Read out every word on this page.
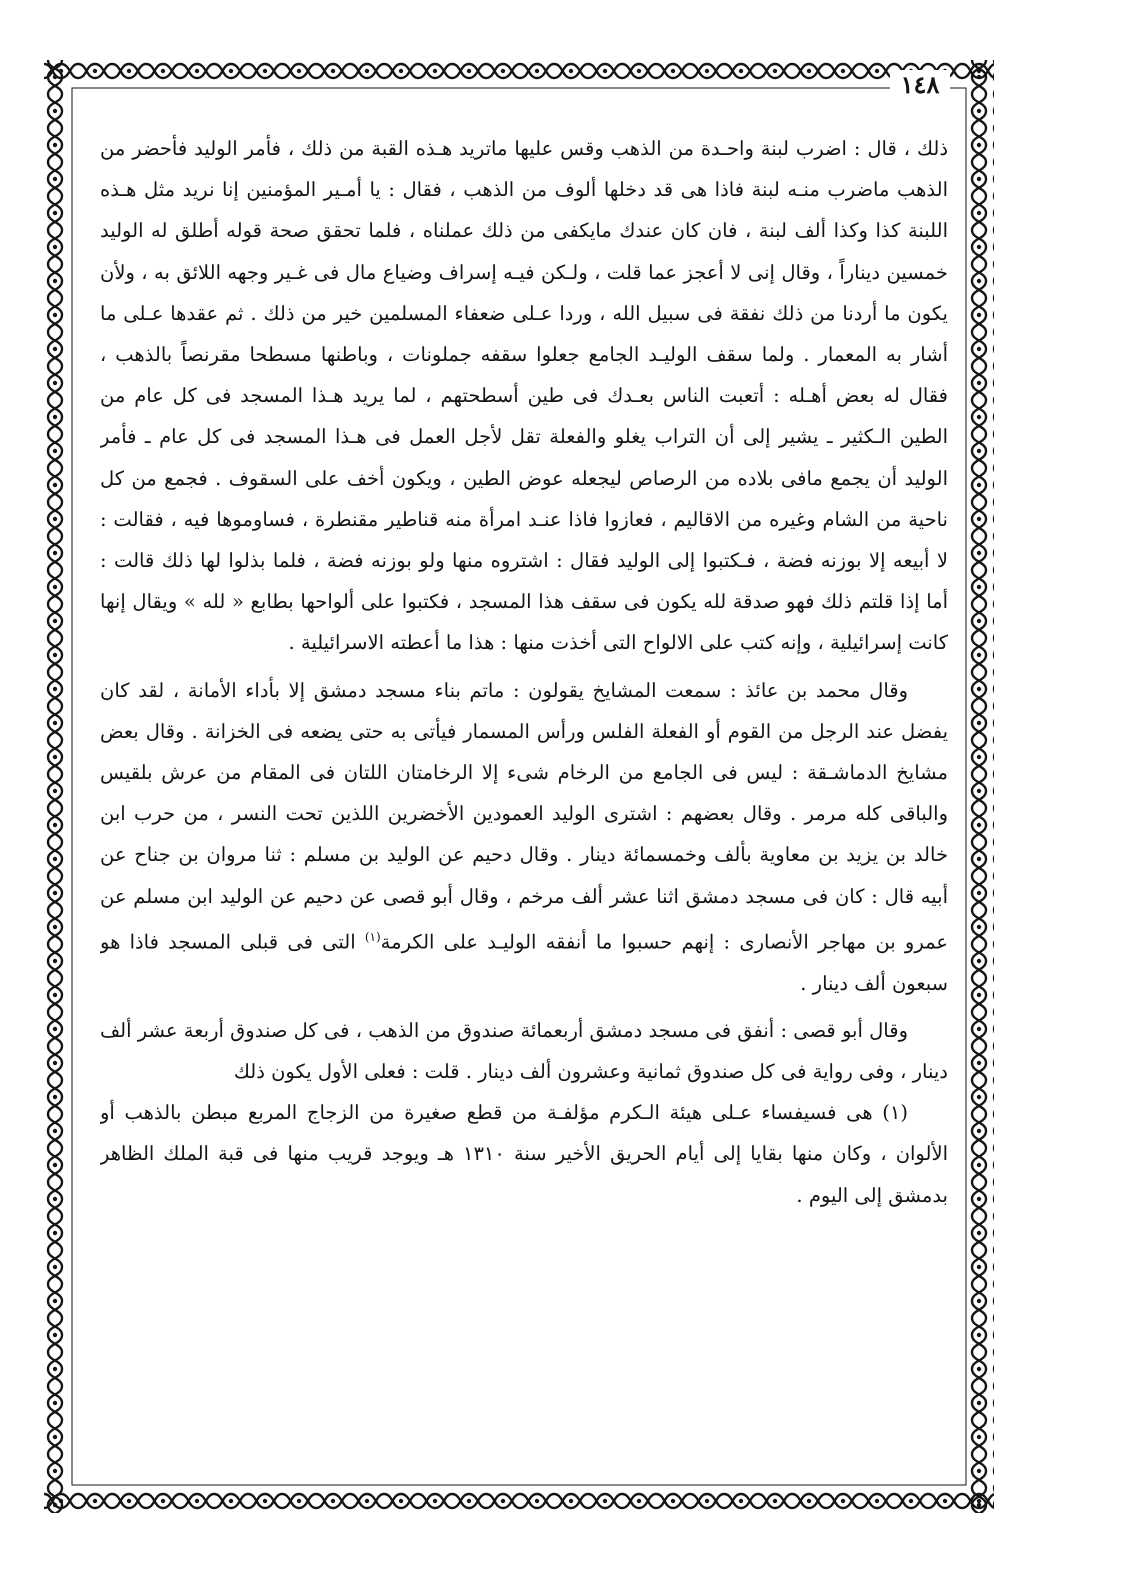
١٤٨

ذلك ، قال : اضرب لبنة واحـدة من الذهب وقس عليها ماتريد هـذه القبة من ذلك ، فأمر الوليد فأحضر من الذهب ماضرب منـه لبنة فاذا هى قد دخلها ألوف من الذهب ، فقال : يا أمـير المؤمنين إنا نريد مثل هـذه اللبنة كذا وكذا ألف لبنة ، فان كان عندك مايكفى من ذلك عملناه ، فلما تحقق صحة قوله أطلق له الوليد خمسين ديناراً ، وقال إنى لا أعجز عما قلت ، ولـكن فيـه إسراف وضياع مال فى غـير وجهه اللائق به ، ولأن يكون ما أردنا من ذلك نفقة فى سبيل الله ، وردا عـلى ضعفاء المسلمين خير من ذلك . ثم عقدها عـلى ما أشار به المعمار . ولما سقف الوليـد الجامع جعلوا سقفه جملونات ، وباطنها مسطحا مقرنصاً بالذهب ، فقال له بعض أهـله : أتعبت الناس بعـدك فى طين أسطحتهم ، لما يريد هـذا المسجد فى كل عام من الطين الـكثير ـ يشير إلى أن التراب يغلو والفعلة تقل لأجل العمل فى هـذا المسجد فى كل عام ـ فأمر الوليد أن يجمع مافى بلاده من الرصاص ليجعله عوض الطين ، ويكون أخف على السقوف . فجمع من كل ناحية من الشام وغيره من الاقاليم ، فعازوا فاذا عنـد امرأة منه قناطير مقنطرة ، فساوموها فيه ، فقالت : لا أبيعه إلا بوزنه فضة ، فـكتبوا إلى الوليد فقال : اشتروه منها ولو بوزنه فضة ، فلما بذلوا لها ذلك قالت : أما إذا قلتم ذلك فهو صدقة لله يكون فى سقف هذا المسجد ، فكتبوا على ألواحها بطابع « لله » ويقال إنها كانت إسرائيلية ، وإنه كتب على الالواح التى أخذت منها : هذا ما أعطته الاسرائيلية .

وقال محمد بن عائذ : سمعت المشايخ يقولون : ماتم بناء مسجد دمشق إلا بأداء الأمانة ، لقد كان يفضل عند الرجل من القوم أو الفعلة الفلس ورأس المسمار فيأتى به حتى يضعه فى الخزانة . وقال بعض مشايخ الدماشـقة : ليس فى الجامع من الرخام شىء إلا الرخامتان اللتان فى المقام من عرش بلقيس والباقى كله مرمر . وقال بعضهم : اشترى الوليد العمودين الأخضرين اللذين تحت النسر ، من حرب ابن خالد بن يزيد بن معاوية بألف وخمسمائة دينار . وقال دحيم عن الوليد بن مسلم : ثنا مروان بن جناح عن أبيه قال : كان فى مسجد دمشق اثنا عشر ألف مرخم ، وقال أبو قصى عن دحيم عن الوليد ابن مسلم عن عمرو بن مهاجر الأنصارى : إنهم حسبوا ما أنفقه الوليـد على الكرمة$^{(١)}$ التى فى قبلى المسجد فاذا هو سبعون ألف دينار .

وقال أبو قصى : أنفق فى مسجد دمشق أربعمائة صندوق من الذهب ، فى كل صندوق أربعة عشر ألف دينار ، وفى رواية فى كل صندوق ثمانية وعشرون ألف دينار . قلت : فعلى الأول يكون ذلك

(١) هى فسيفساء عـلى هيئة الـكرم مؤلفـة من قطع صغيرة من الزجاج المربع مبطن بالذهب أو الألوان ، وكان منها بقايا إلى أيام الحريق الأخير سنة ١٣١٠ هـ ويوجد قريب منها فى قبة الملك الظاهر بدمشق إلى اليوم .
